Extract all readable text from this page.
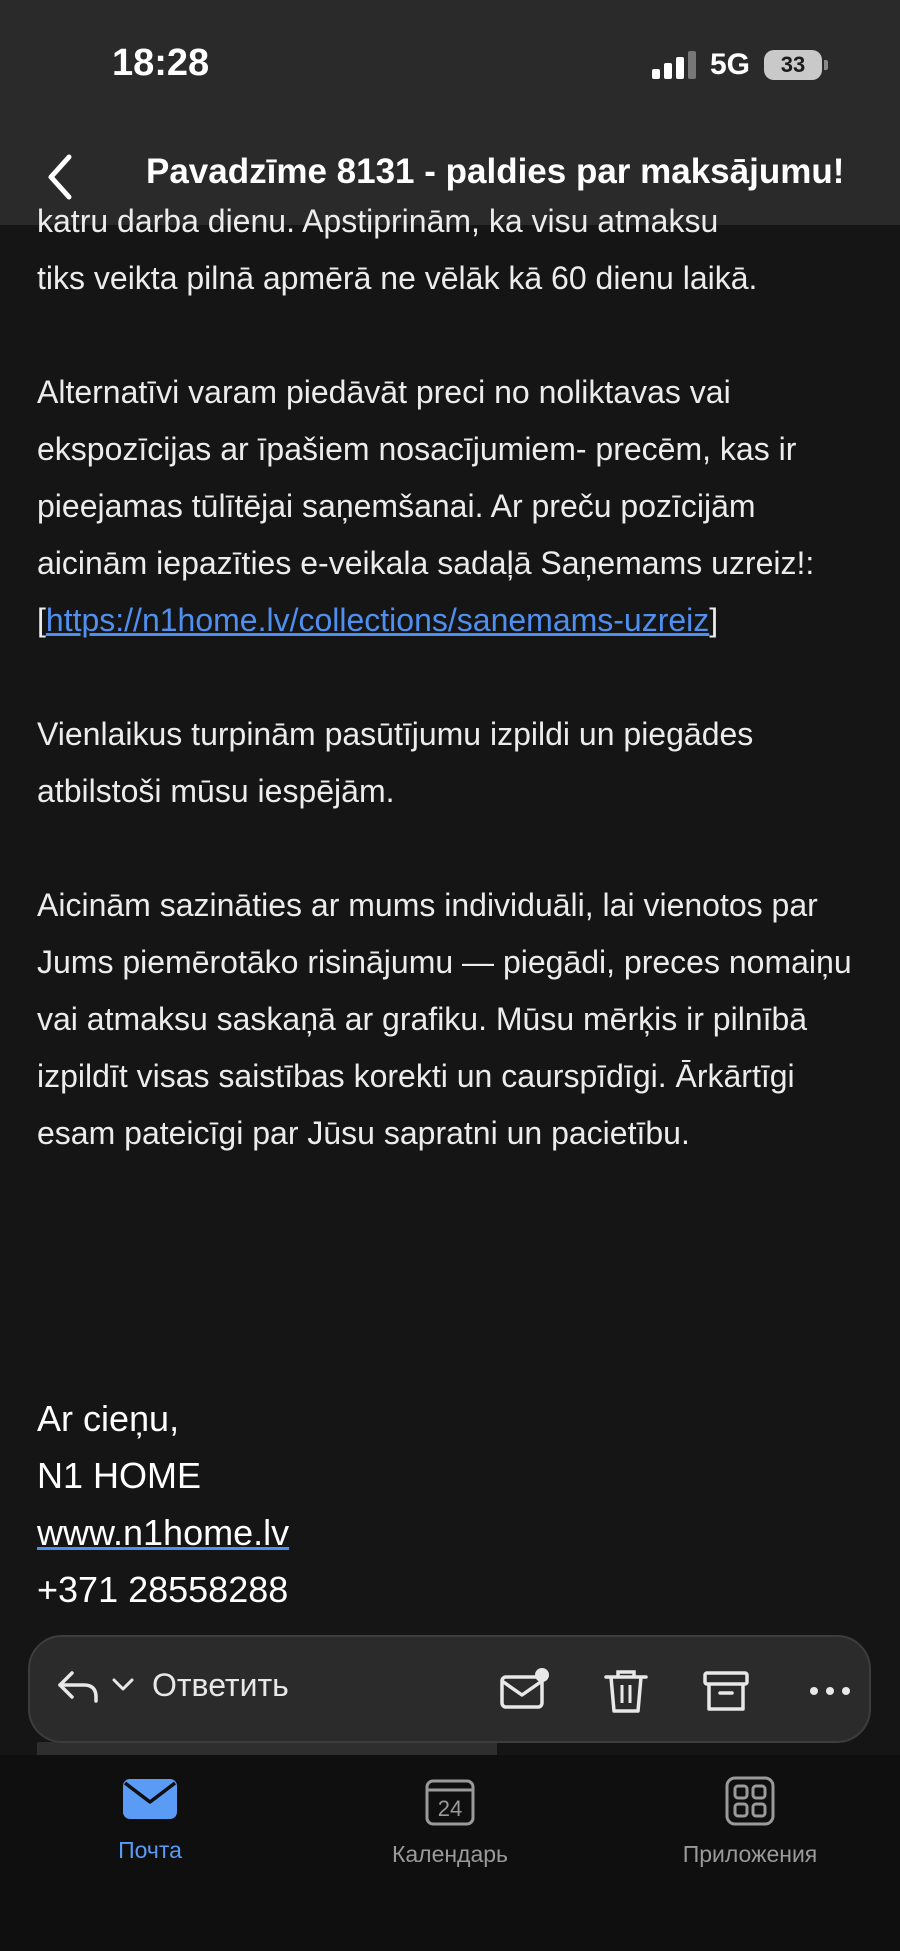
18:28	5G	33
Pavadzīme 8131 - paldies par maksājumu!
katru darba dienu. Apstiprinām, ka visu atmaksu
tiks veikta pilnā apmērā ne vēlāk kā 60 dienu laikā.
Alternatīvi varam piedāvāt preci no noliktavas vai ekspozīcijas ar īpašiem nosacījumiem- precēm, kas ir pieejamas tūlītējai saņemšanai. Ar preču pozīcijām aicinām iepazīties e-veikala sadaļā Saņemams uzreiz!: [https://n1home.lv/collections/sanemams-uzreiz]
Vienlaikus turpinām pasūtījumu izpildi un piegādes atbilstoši mūsu iespējām.
Aicinām sazināties ar mums individuāli, lai vienotos par Jums piemērotāko risinājumu — piegādi, preces nomaiņu vai atmaksu saskaņā ar grafiku. Mūsu mērķis ir pilnībā izpildīt visas saistības korekti un caurspīdīgi. Ārkārtīgi esam pateicīgi par Jūsu sapratni un pacietību.
Ar cieņu,
N1 HOME
www.n1home.lv
+371 28558288
Ответить
Почта
24
Календарь	Приложения
